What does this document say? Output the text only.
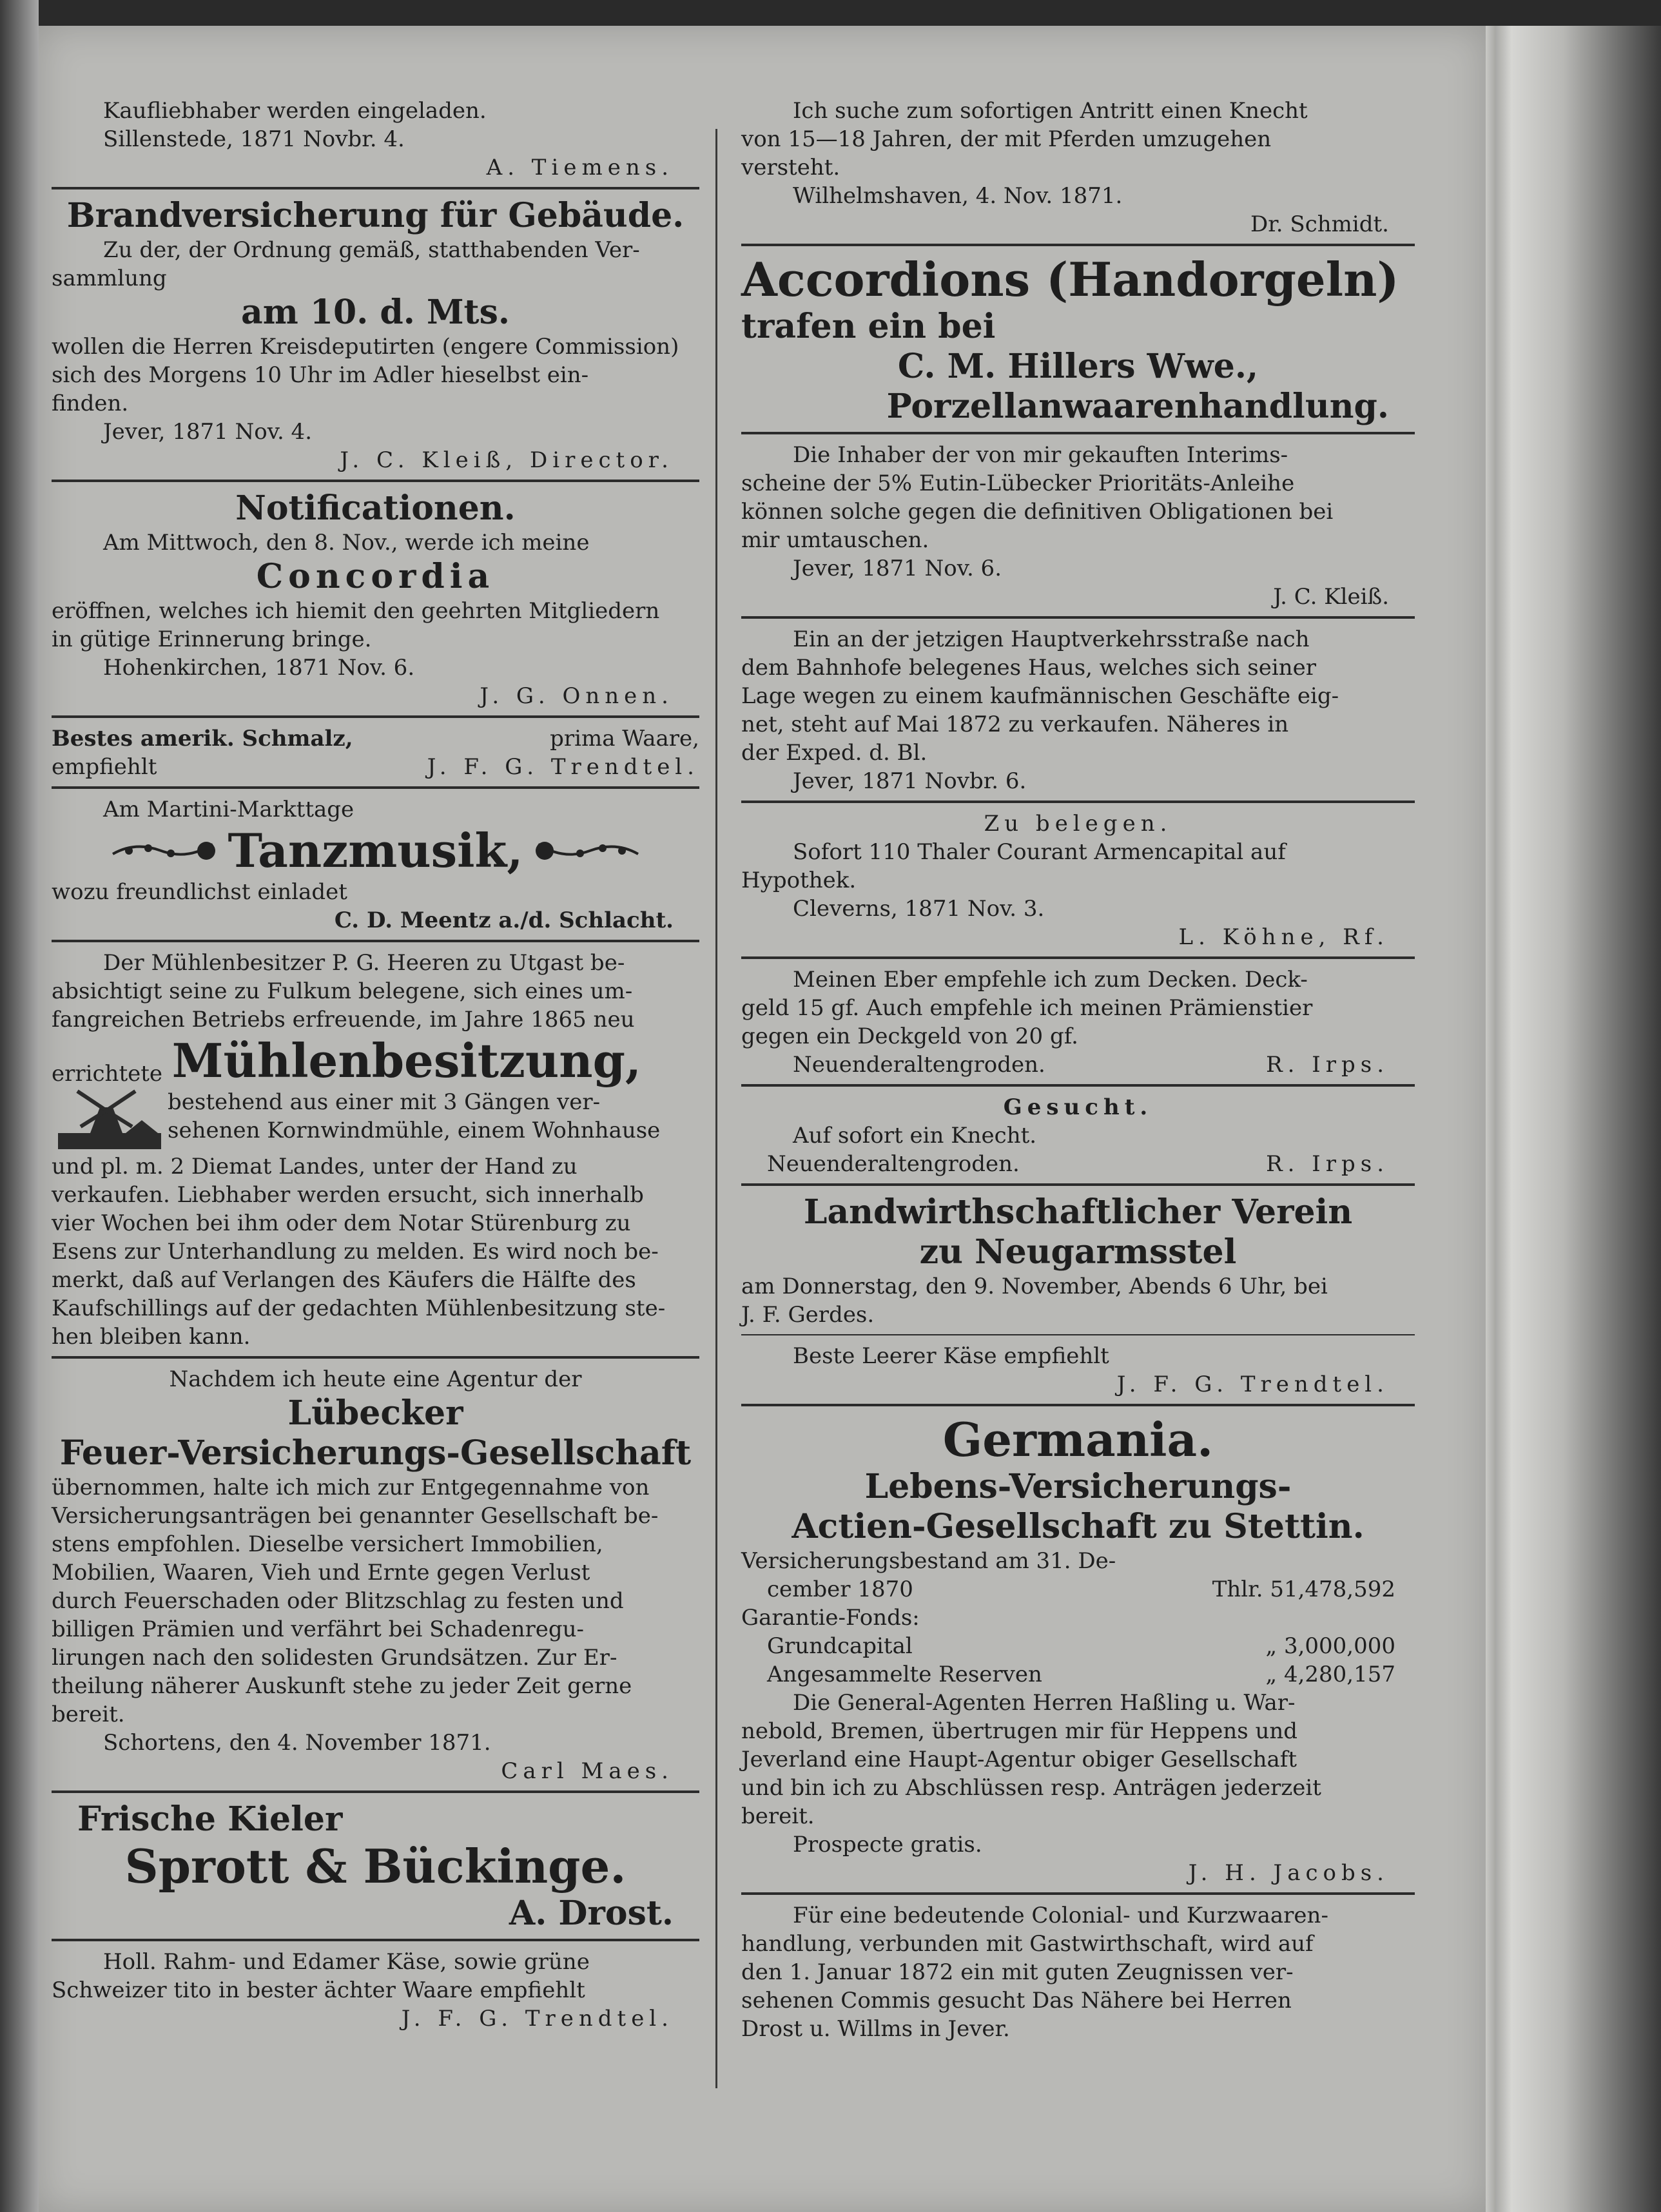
Kaufliebhaber werden eingeladen.

Sillenstede, 1871 Novbr. 4.

A. Tiemens.

Brandversicherung für Gebäude.

Zu der, der Ordnung gemäß, statthabenden Ver-

sammlung

am 10. d. Mts.

wollen die Herren Kreisdeputirten (engere Commission)

sich des Morgens 10 Uhr im Adler hieselbst ein-

finden.

Jever, 1871 Nov. 4.

J. C. Kleiß, Director.

Notificationen.

Am Mittwoch, den 8. Nov., werde ich meine

Concordia

eröffnen, welches ich hiemit den geehrten Mitgliedern

in gütige Erinnerung bringe.

Hohenkirchen, 1871 Nov. 6.

J. G. Onnen.

Bestes amerik. Schmalz,	prima Waare,
empfiehlt	J. F. G. Trendtel.

Am Martini-Markttage

Tanzmusik,

wozu freundlichst einladet

C. D. Meentz a./d. Schlacht.

Der Mühlenbesitzer P. G. Heeren zu Utgast be-

absichtigt seine zu Fulkum belegene, sich eines um-

fangreichen Betriebs erfreuende, im Jahre 1865 neu

errichtete Mühlenbesitzung,

bestehend aus einer mit 3 Gängen ver-

sehenen Kornwindmühle, einem Wohnhause

und pl. m. 2 Diemat Landes, unter der Hand zu

verkaufen. Liebhaber werden ersucht, sich innerhalb

vier Wochen bei ihm oder dem Notar Stürenburg zu

Esens zur Unterhandlung zu melden. Es wird noch be-

merkt, daß auf Verlangen des Käufers die Hälfte des

Kaufschillings auf der gedachten Mühlenbesitzung ste-

hen bleiben kann.

Nachdem ich heute eine Agentur der

Lübecker

Feuer-Versicherungs-Gesellschaft

übernommen, halte ich mich zur Entgegennahme von

Versicherungsanträgen bei genannter Gesellschaft be-

stens empfohlen. Dieselbe versichert Immobilien,

Mobilien, Waaren, Vieh und Ernte gegen Verlust

durch Feuerschaden oder Blitzschlag zu festen und

billigen Prämien und verfährt bei Schadenregu-

lirungen nach den solidesten Grundsätzen. Zur Er-

theilung näherer Auskunft stehe zu jeder Zeit gerne

bereit.

Schortens, den 4. November 1871.

Carl Maes.

Frische Kieler

Sprott & Bückinge.

A. Drost.

Holl. Rahm- und Edamer Käse, sowie grüne

Schweizer tito in bester ächter Waare empfiehlt

J. F. G. Trendtel.

Ich suche zum sofortigen Antritt einen Knecht

von 15—18 Jahren, der mit Pferden umzugehen

versteht.

Wilhelmshaven, 4. Nov. 1871.

Dr. Schmidt.

Accordions (Handorgeln)

trafen ein bei

C. M. Hillers Wwe.,

Porzellanwaarenhandlung.

Die Inhaber der von mir gekauften Interims-

scheine der 5% Eutin-Lübecker Prioritäts-Anleihe

können solche gegen die definitiven Obligationen bei

mir umtauschen.

Jever, 1871 Nov. 6.

J. C. Kleiß.

Ein an der jetzigen Hauptverkehrsstraße nach

dem Bahnhofe belegenes Haus, welches sich seiner

Lage wegen zu einem kaufmännischen Geschäfte eig-

net, steht auf Mai 1872 zu verkaufen. Näheres in

der Exped. d. Bl.

Jever, 1871 Novbr. 6.

Zu belegen.

Sofort 110 Thaler Courant Armencapital auf

Hypothek.

Cleverns, 1871 Nov. 3.

L. Köhne, Rf.

Meinen Eber empfehle ich zum Decken. Deck-

geld 15 gf. Auch empfehle ich meinen Prämienstier

gegen ein Deckgeld von 20 gf.

Neuenderaltengroden.	R. Irps.

Gesucht.

Auf sofort ein Knecht.

Neuenderaltengroden.	R. Irps.

Landwirthschaftlicher Verein

zu Neugarmsstel

am Donnerstag, den 9. November, Abends 6 Uhr, bei

J. F. Gerdes.

Beste Leerer Käse empfiehlt

J. F. G. Trendtel.

Germania.

Lebens-Versicherungs-

Actien-Gesellschaft zu Stettin.

Versicherungsbestand am 31. De-

cember 1870	Thlr. 51,478,592

Garantie-Fonds:

Grundcapital	„ 3,000,000
Angesammelte Reserven	„ 4,280,157

Die General-Agenten Herren Haßling u. War-

nebold, Bremen, übertrugen mir für Heppens und

Jeverland eine Haupt-Agentur obiger Gesellschaft

und bin ich zu Abschlüssen resp. Anträgen jederzeit

bereit.

Prospecte gratis.

J. H. Jacobs.

Für eine bedeutende Colonial- und Kurzwaaren-

handlung, verbunden mit Gastwirthschaft, wird auf

den 1. Januar 1872 ein mit guten Zeugnissen ver-

sehenen Commis gesucht Das Nähere bei Herren

Drost u. Willms in Jever.
